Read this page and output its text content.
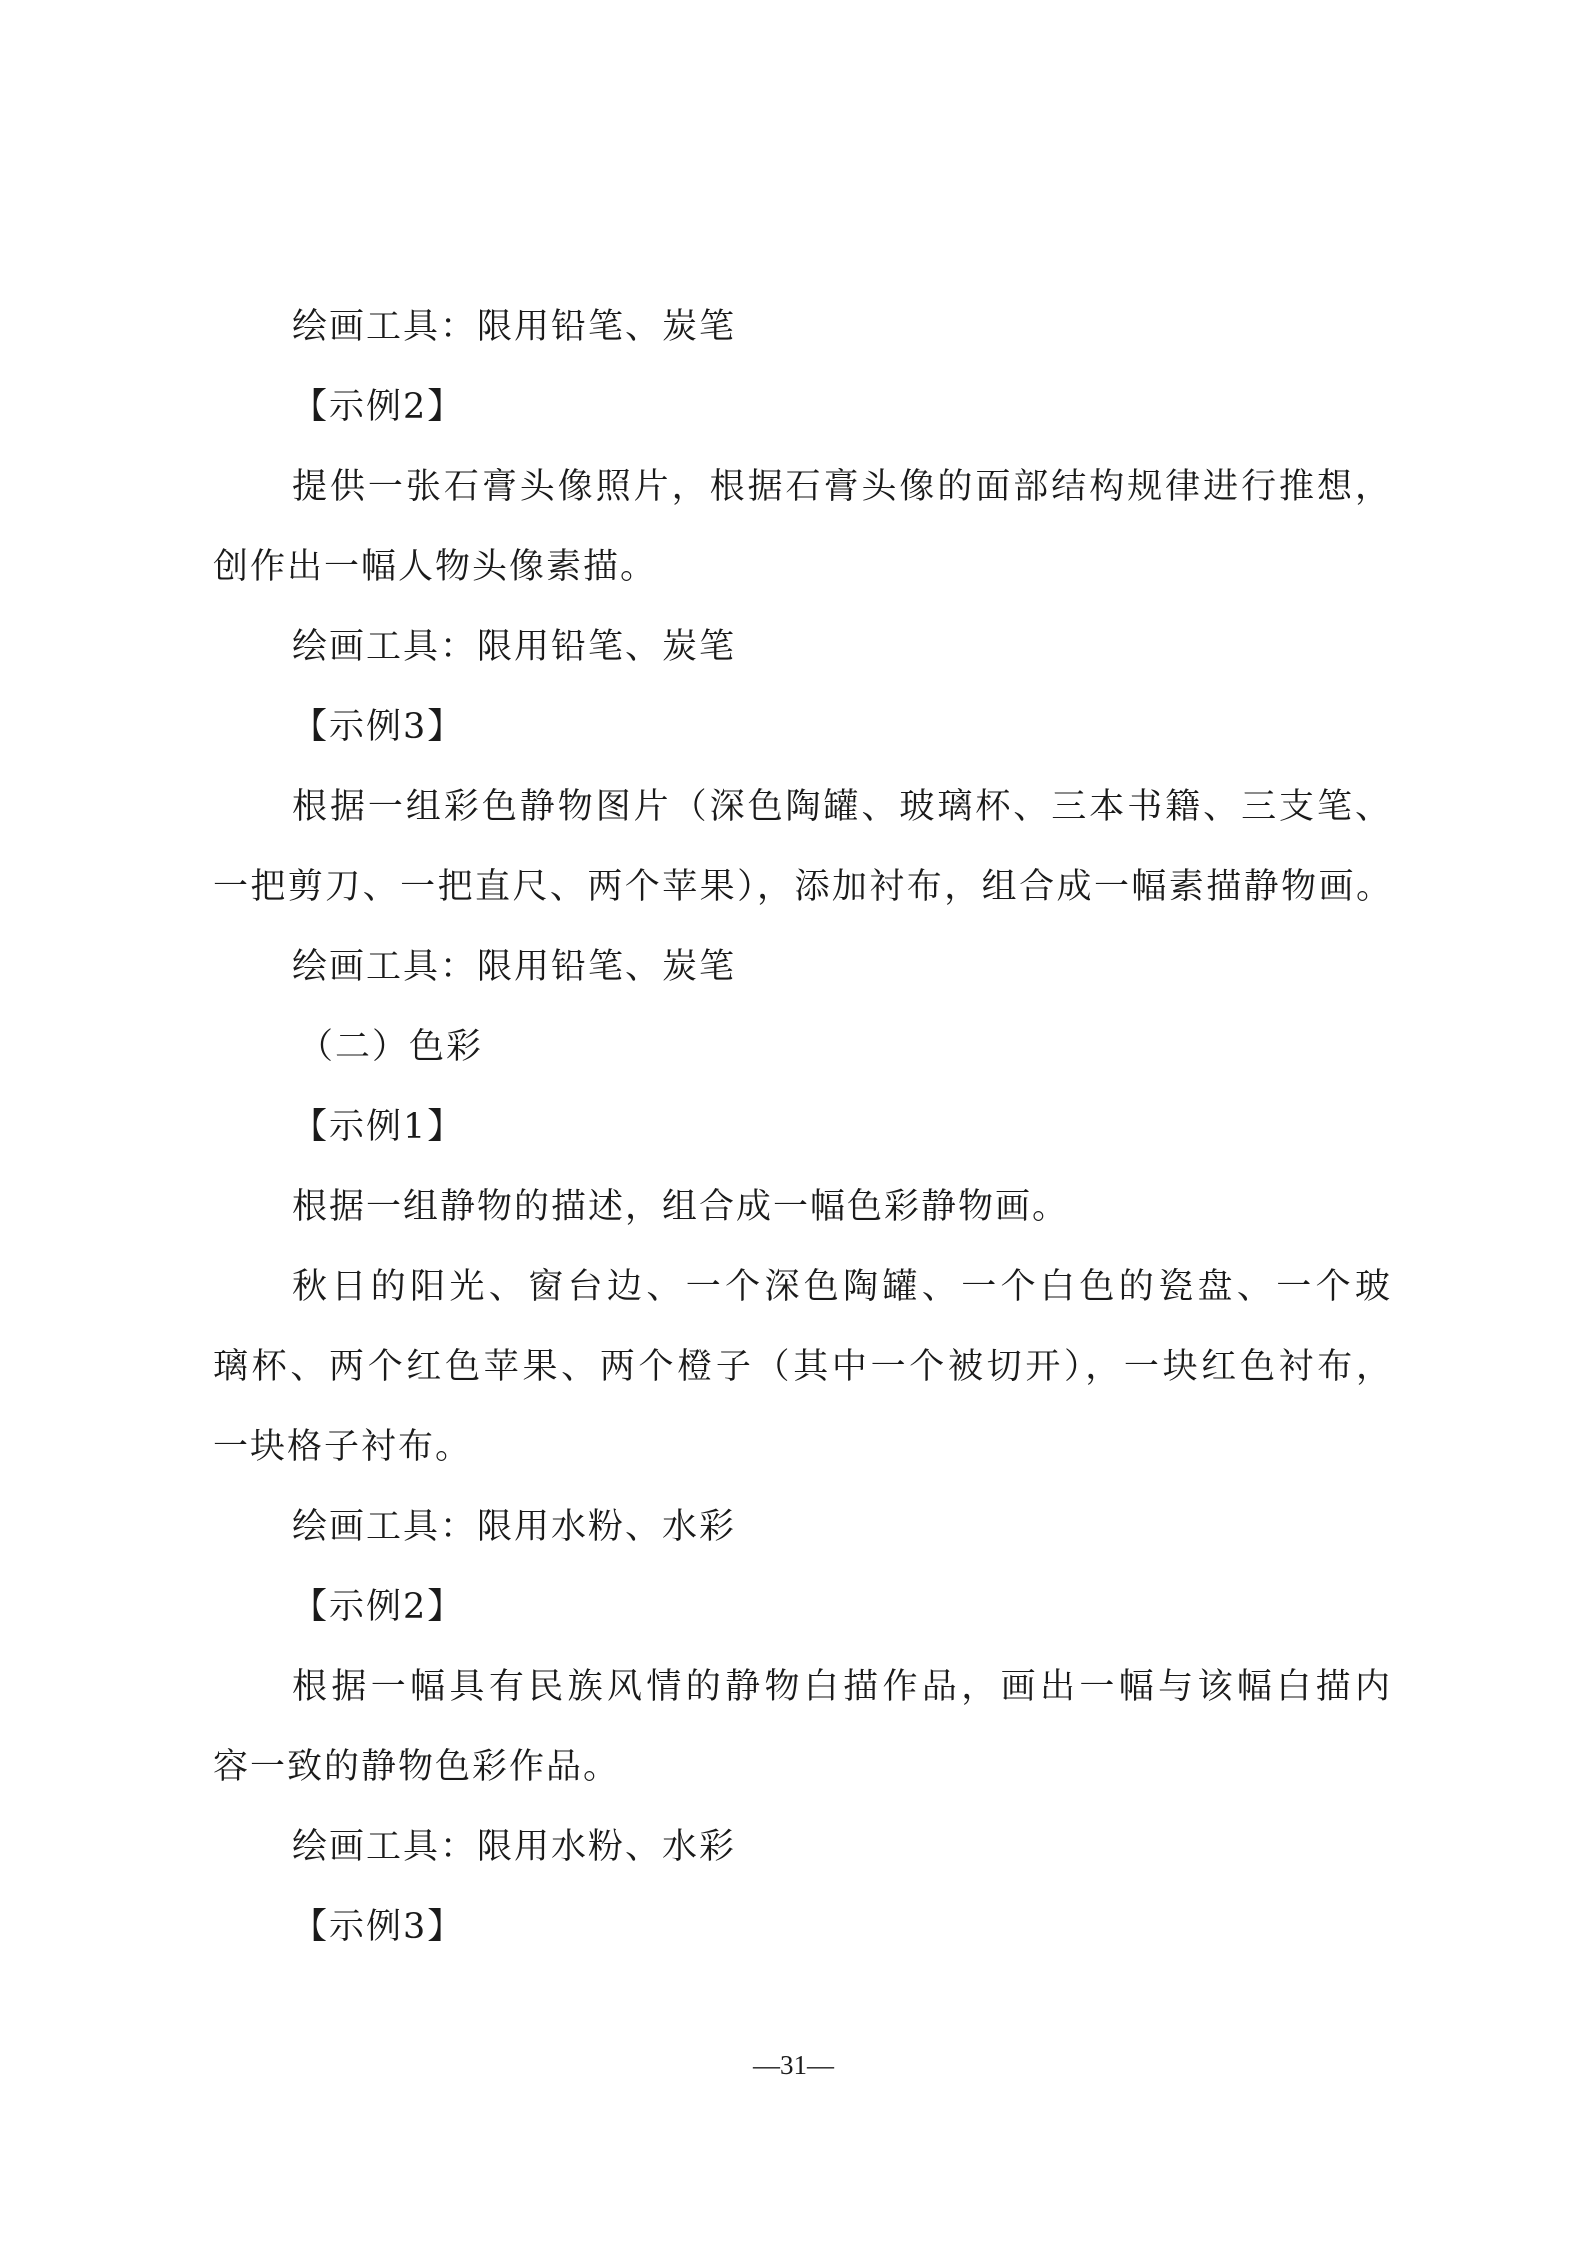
绘画工具：限用铅笔、炭笔
【示例2】
提供一张石膏头像照片，根据石膏头像的面部结构规律进行推想，
创作出一幅人物头像素描。
绘画工具：限用铅笔、炭笔
【示例3】
根据一组彩色静物图片（深色陶罐、玻璃杯、三本书籍、三支笔、
一把剪刀、一把直尺、两个苹果），添加衬布，组合成一幅素描静物画。
绘画工具：限用铅笔、炭笔
（二）色彩
【示例1】
根据一组静物的描述，组合成一幅色彩静物画。
秋日的阳光、窗台边、一个深色陶罐、一个白色的瓷盘、一个玻
璃杯、两个红色苹果、两个橙子（其中一个被切开），一块红色衬布，
一块格子衬布。
绘画工具：限用水粉、水彩
【示例2】
根据一幅具有民族风情的静物白描作品，画出一幅与该幅白描内
容一致的静物色彩作品。
绘画工具：限用水粉、水彩
【示例3】
—31—
